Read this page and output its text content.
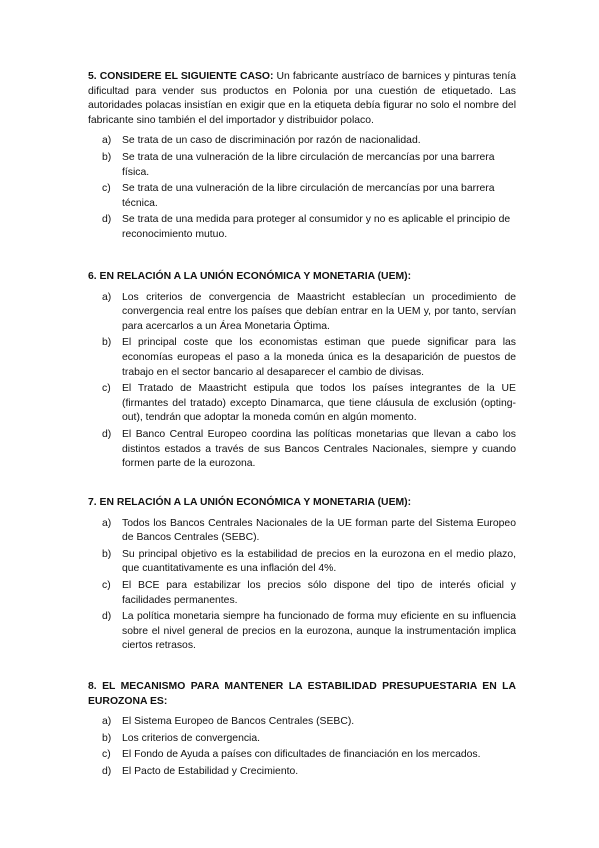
5. CONSIDERE EL SIGUIENTE CASO: Un fabricante austríaco de barnices y pinturas tenía dificultad para vender sus productos en Polonia por una cuestión de etiquetado. Las autoridades polacas insistían en exigir que en la etiqueta debía figurar no solo el nombre del fabricante sino también el del importador y distribuidor polaco.

a)	Se trata de un caso de discriminación por razón de nacionalidad.
b)	Se trata de una vulneración de la libre circulación de mercancías por una barrera física.
c)	Se trata de una vulneración de la libre circulación de mercancías por una barrera técnica.
d)	Se trata de una medida para proteger al consumidor y no es aplicable el principio de reconocimiento mutuo.

6. EN RELACIÓN A LA UNIÓN ECONÓMICA Y MONETARIA (UEM):

a)	Los criterios de convergencia de Maastricht establecían un procedimiento de convergencia real entre los países que debían entrar en la UEM y, por tanto, servían para acercarlos a un Área Monetaria Óptima.
b)	El principal coste que los economistas estiman que puede significar para las economías europeas el paso a la moneda única es la desaparición de puestos de trabajo en el sector bancario al desaparecer el cambio de divisas.
c)	El Tratado de Maastricht estipula que todos los países integrantes de la UE (firmantes del tratado) excepto Dinamarca, que tiene cláusula de exclusión (opting-out), tendrán que adoptar la moneda común en algún momento.
d)	El Banco Central Europeo coordina las políticas monetarias que llevan a cabo los distintos estados a través de sus Bancos Centrales Nacionales, siempre y cuando formen parte de la eurozona.

7. EN RELACIÓN A LA UNIÓN ECONÓMICA Y MONETARIA (UEM):

a)	Todos los Bancos Centrales Nacionales de la UE forman parte del Sistema Europeo de Bancos Centrales (SEBC).
b)	Su principal objetivo es la estabilidad de precios en la eurozona en el medio plazo, que cuantitativamente es una inflación del 4%.
c)	El BCE para estabilizar los precios sólo dispone del tipo de interés oficial y facilidades permanentes.
d)	La política monetaria siempre ha funcionado de forma muy eficiente en su influencia sobre el nivel general de precios en la eurozona, aunque la instrumentación implica ciertos retrasos.

8. EL MECANISMO PARA MANTENER LA ESTABILIDAD PRESUPUESTARIA EN LA EUROZONA ES:

a)	El Sistema Europeo de Bancos Centrales (SEBC).
b)	Los criterios de convergencia.
c)	El Fondo de Ayuda a países con dificultades de financiación en los mercados.
d)	El Pacto de Estabilidad y Crecimiento.
